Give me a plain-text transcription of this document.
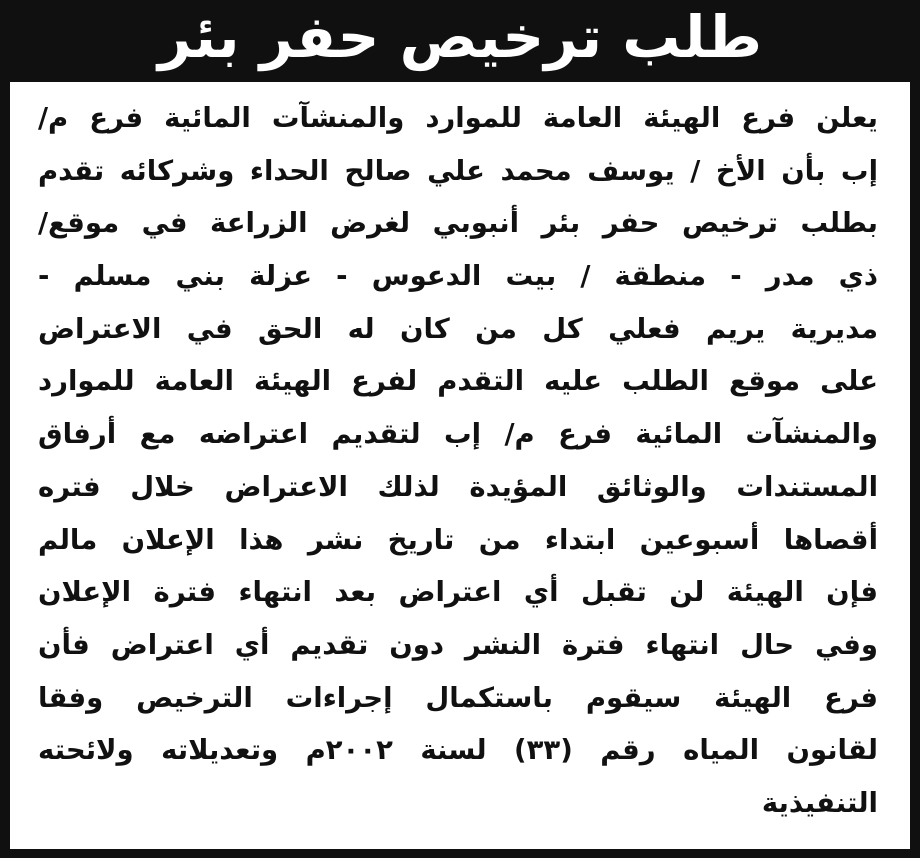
طلب ترخيص حفر بئر
يعلن فرع الهيئة العامة للموارد والمنشآت المائية فرع م/
إب بأن الأخ / يوسف محمد علي صالح الحداء وشركائه تقدم
بطلب ترخيص حفر بئر أنبوبي لغرض الزراعة في موقع/
ذي مدر - منطقة / بيت الدعوس - عزلة بني مسلم -
مديرية يريم فعلي كل من كان له الحق في الاعتراض
على موقع الطلب عليه التقدم لفرع الهيئة العامة للموارد
والمنشآت المائية فرع م/ إب لتقديم اعتراضه مع أرفاق
المستندات والوثائق المؤيدة لذلك الاعتراض خلال فتره
أقصاها أسبوعين ابتداء من تاريخ نشر هذا الإعلان مالم
فإن الهيئة لن تقبل أي اعتراض بعد انتهاء فترة الإعلان
وفي حال انتهاء فترة النشر دون تقديم أي اعتراض فأن
فرع الهيئة سيقوم باستكمال إجراءات الترخيص وفقا
لقانون المياه رقم (٣٣) لسنة ٢٠٠٢م وتعديلاته ولائحته
التنفيذية
